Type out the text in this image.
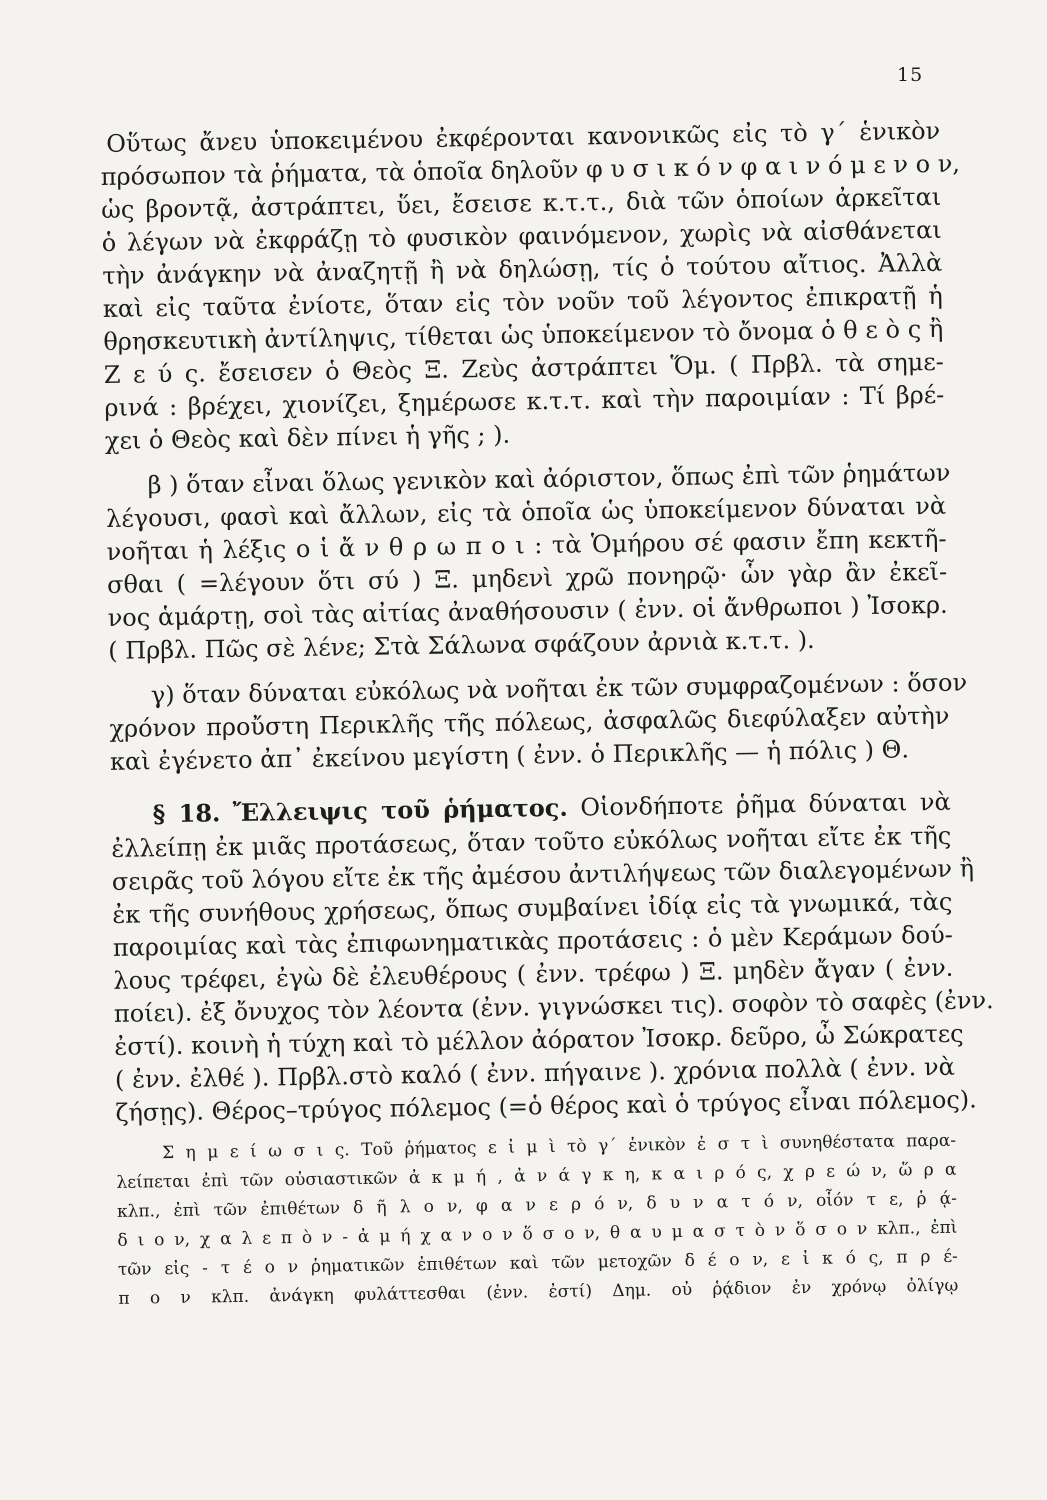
15
Οὕτως ἄνευ ὑποκειμένου ἐκφέρονται κανονικῶς εἰς τὸ γ΄ ἑνικὸν
πρόσωπον τὰ ῥήματα, τὰ ὁποῖα δηλοῦν φ υ σ ι κ ό ν φ α ι ν ό μ ε ν ο ν,
ὡς βροντᾷ, ἀστράπτει, ὕει, ἔσεισε κ.τ.τ., διὰ τῶν ὁποίων ἀρκεῖται
ὁ λέγων νὰ ἐκφράζῃ τὸ φυσικὸν φαινόμενον, χωρὶς νὰ αἰσθάνεται
τὴν ἀνάγκην νὰ ἀναζητῇ ἢ νὰ δηλώσῃ, τίς ὁ τούτου αἴτιος. Ἀλλὰ
καὶ εἰς ταῦτα ἐνίοτε, ὅταν εἰς τὸν νοῦν τοῦ λέγοντος ἐπικρατῇ ἡ
θρησκευτικὴ ἀντίληψις, τίθεται ὡς ὑποκείμενον τὸ ὄνομα ὁ θ ε ὸ ς ἢ
Ζ ε ύ ς. ἔσεισεν ὁ Θεὸς Ξ. Ζεὺς ἀστράπτει Ὅμ. ( Πρβλ. τὰ σημε-
ρινά : βρέχει, χιονίζει, ξημέρωσε κ.τ.τ. καὶ τὴν παροιμίαν : Τί βρέ-
χει ὁ Θεὸς καὶ δὲν πίνει ἡ γῆς ; ).
β ) ὅταν εἶναι ὅλως γενικὸν καὶ ἀόριστον, ὅπως ἐπὶ τῶν ῥημάτων
λέγουσι, φασὶ καὶ ἄλλων, εἰς τὰ ὁποῖα ὡς ὑποκείμενον δύναται νὰ
νοῆται ἡ λέξις ο ἱ ἄ ν θ ρ ω π ο ι : τὰ Ὁμήρου σέ φασιν ἔπη κεκτῆ-
σθαι ( =λέγουν ὅτι σύ ) Ξ. μηδενὶ χρῶ πονηρῷ· ὧν γὰρ ἂν ἐκεῖ-
νος ἁμάρτῃ, σοὶ τὰς αἰτίας ἀναθήσουσιν ( ἐνν. οἱ ἄνθρωποι ) Ἰσοκρ.
( Πρβλ. Πῶς σὲ λένε; Στὰ Σάλωνα σφάζουν ἀρνιὰ κ.τ.τ. ).
γ) ὅταν δύναται εὐκόλως νὰ νοῆται ἐκ τῶν συμφραζομένων : ὅσον
χρόνον προὔστη Περικλῆς τῆς πόλεως, ἀσφαλῶς διεφύλαξεν αὐτὴν
καὶ ἐγένετο ἀπ᾽ ἐκείνου μεγίστη ( ἐνν. ὁ Περικλῆς — ἡ πόλις ) Θ.
§ 18. Ἔλλειψις τοῦ ῥήματος. Οἱονδήποτε ῥῆμα δύναται νὰ
ἐλλείπῃ ἐκ μιᾶς προτάσεως, ὅταν τοῦτο εὐκόλως νοῆται εἴτε ἐκ τῆς
σειρᾶς τοῦ λόγου εἴτε ἐκ τῆς ἀμέσου ἀντιλήψεως τῶν διαλεγομένων ἢ
ἐκ τῆς συνήθους χρήσεως, ὅπως συμβαίνει ἰδίᾳ εἰς τὰ γνωμικά, τὰς
παροιμίας καὶ τὰς ἐπιφωνηματικὰς προτάσεις : ὁ μὲν Κεράμων δού-
λους τρέφει, ἐγὼ δὲ ἐλευθέρους ( ἐνν. τρέφω ) Ξ. μηδὲν ἄγαν ( ἐνν.
ποίει). ἐξ ὄνυχος τὸν λέοντα (ἐνν. γιγνώσκει τις). σοφὸν τὸ σαφὲς (ἐνν.
ἐστί). κοινὴ ἡ τύχη καὶ τὸ μέλλον ἀόρατον Ἰσοκρ. δεῦρο, ὦ Σώκρατες
( ἐνν. ἐλθέ ). Πρβλ.στὸ καλό ( ἐνν. πήγαινε ). χρόνια πολλὰ ( ἐνν. νὰ
ζήσῃς). Θέρος–τρύγος πόλεμος (=ὁ θέρος καὶ ὁ τρύγος εἶναι πόλεμος).
Σ η μ ε ί ω σ ι ς. Τοῦ ῥήματος ε ἰ μ ὶ τὸ γ΄ ἑνικὸν ἐ σ τ ὶ συνηθέστατα παρα-
λείπεται ἐπὶ τῶν οὐσιαστικῶν ἀ κ μ ή , ἀ ν ά γ κ η, κ α ι ρ ό ς, χ ρ ε ώ ν, ὥ ρ α
κλπ., ἐπὶ τῶν ἐπιθέτων δ ῆ λ ο ν, φ α ν ε ρ ό ν, δ υ ν α τ ό ν, οἷόν τ ε, ῥ ᾴ-
δ ι ο ν, χ α λ ε π ὸ ν - ἀ μ ή χ α ν ο ν ὅ σ ο ν, θ α υ μ α σ τ ὸ ν ὅ σ ο ν κλπ., ἐπὶ
τῶν εἰς - τ έ ο ν ῥηματικῶν ἐπιθέτων καὶ τῶν μετοχῶν δ έ ο ν, ε ἰ κ ό ς, π ρ έ-
π ο ν κλπ. ἀνάγκη φυλάττεσθαι (ἐνν. ἐστί) Δημ. οὐ ῥᾴδιον ἐν χρόνῳ ὀλίγῳ
